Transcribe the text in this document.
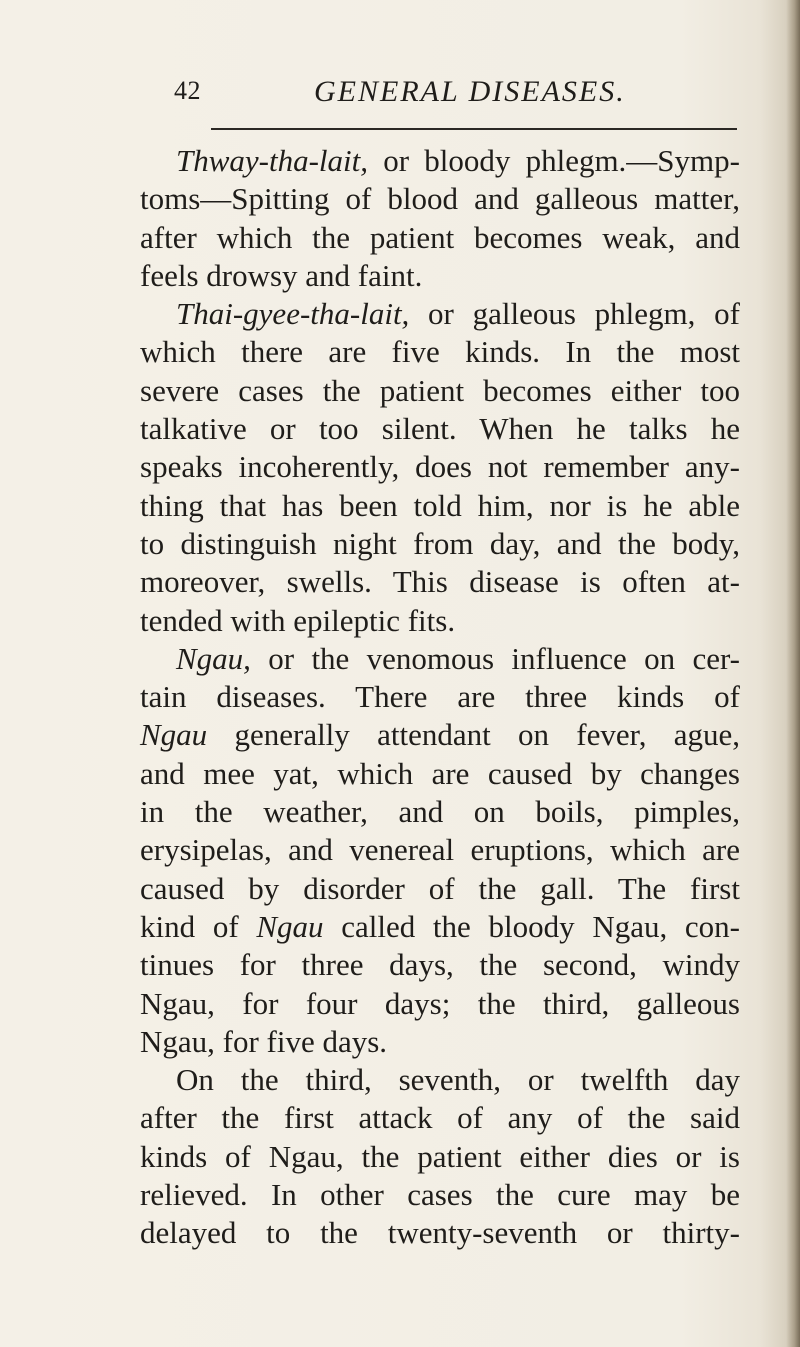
42	GENERAL DISEASES.
Thway-tha-lait, or bloody phlegm.—Symp-
toms—Spitting of blood and galleous matter,
after which the patient becomes weak, and
feels drowsy and faint.
Thai-gyee-tha-lait, or galleous phlegm, of
which there are five kinds. In the most
severe cases the patient becomes either too
talkative or too silent. When he talks he
speaks incoherently, does not remember any-
thing that has been told him, nor is he able
to distinguish night from day, and the body,
moreover, swells. This disease is often at-
tended with epileptic fits.
Ngau, or the venomous influence on cer-
tain diseases. There are three kinds of
Ngau generally attendant on fever, ague,
and mee yat, which are caused by changes
in the weather, and on boils, pimples,
erysipelas, and venereal eruptions, which are
caused by disorder of the gall. The first
kind of Ngau called the bloody Ngau, con-
tinues for three days, the second, windy
Ngau, for four days; the third, galleous
Ngau, for five days.
On the third, seventh, or twelfth day
after the first attack of any of the said
kinds of Ngau, the patient either dies or is
relieved. In other cases the cure may be
delayed to the twenty-seventh or thirty-
